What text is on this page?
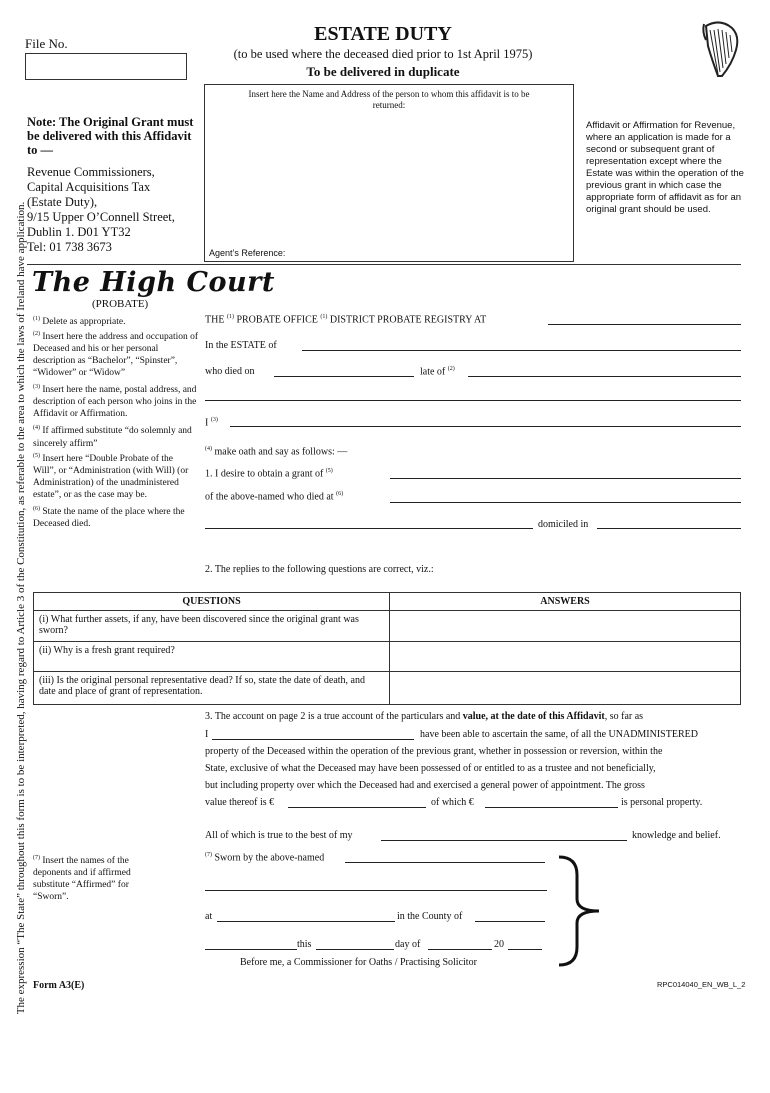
The expression “The State” throughout this form is to be interpreted, having regard to Article 3 of the Constitution, as referable to the area to which the laws of Ireland have application.
File No.	ESTATE DUTY
(to be used where the deceased died prior to 1st April 1975)
To be delivered in duplicate
Insert here the Name and Address of the person to whom this affidavit is to be returned:
Agent’s Reference:
Affidavit or Affirmation for Revenue, where an application is made for a second or subsequent grant of representation except where the Estate was within the operation of the previous grant in which case the appropriate form of affidavit as for an original grant should be used.
Note: The Original Grant must be delivered with this Affidavit to —
Revenue Commissioners,
Capital Acquisitions Tax
(Estate Duty),
9/15 Upper O’Connell Street,
Dublin 1. D01 YT32
Tel: 01 738 3673
The High Court
(PROBATE)
$^{(1)}$ Delete as appropriate.
$^{(2)}$ Insert here the address and occupation of Deceased and his or her personal description as “Bachelor”, “Spinster”, “Widower” or “Widow”
$^{(3)}$ Insert here the name, postal address, and description of each person who joins in the Affidavit or Affirmation.
$^{(4)}$ If affirmed substitute “do solemnly and sincerely affirm”
$^{(5)}$ Insert here “Double Probate of the Will”, or “Administration (with Will) (or Administration) of the unadministered estate”, or as the case may be.
$^{(6)}$ State the name of the place where the Deceased died.
THE $^{(1)}$ PROBATE OFFICE $^{(1)}$ DISTRICT PROBATE REGISTRY AT
In the ESTATE of
who died on	late of $^{(2)}$
I $^{(3)}$
$^{(4)}$ make oath and say as follows: —
1. I desire to obtain a grant of $^{(5)}$
of the above-named who died at $^{(6)}$
domiciled in
2. The replies to the following questions are correct, viz.:
QUESTIONS	ANSWERS
(i) What further assets, if any, have been discovered since the original grant was sworn?	
(ii) Why is a fresh grant required?	
(iii) Is the original personal representative dead? If so, state the date of death, and date and place of grant of representation.	
3. The account on page 2 is a true account of the particulars and value, at the date of this Affidavit, so far as
I	have been able to ascertain the same, of all the UNADMINISTERED
property of the Deceased within the operation of the previous grant, whether in possession or reversion, within the
State, exclusive of what the Deceased may have been possessed of or entitled to as a trustee and not beneficially,
but including property over which the Deceased had and exercised a general power of appointment. The gross
value thereof is €	of which €	is personal property.
All of which is true to the best of my	knowledge and belief.
$^{(7)}$ Insert the names of the deponents and if affirmed substitute “Affirmed” for “Sworn”.
$^{(7)}$ Sworn by the above-named
at	in the County of
this	day of	20
Before me, a Commissioner for Oaths / Practising Solicitor
Form A3(E)	RPC014040_EN_WB_L_2
